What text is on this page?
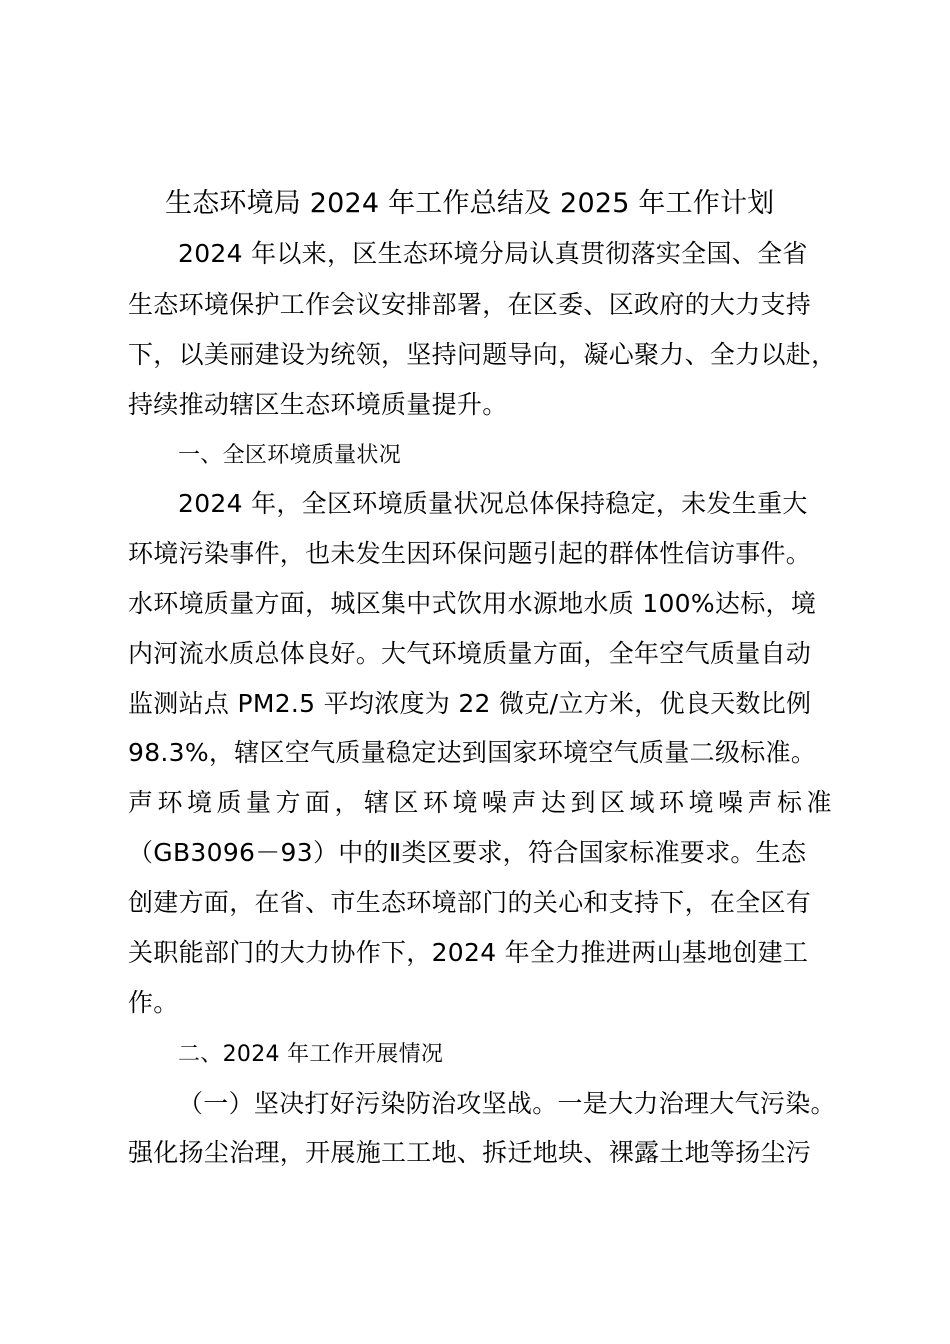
生态环境局 2024 年工作总结及 2025 年工作计划
2024 年以来，区生态环境分局认真贯彻落实全国、全省
生态环境保护工作会议安排部署，在区委、区政府的大力支持
下，以美丽建设为统领，坚持问题导向，凝心聚力、全力以赴，
持续推动辖区生态环境质量提升。
一、全区环境质量状况
2024 年，全区环境质量状况总体保持稳定，未发生重大
环境污染事件，也未发生因环保问题引起的群体性信访事件。
水环境质量方面，城区集中式饮用水源地水质 100%达标，境
内河流水质总体良好。大气环境质量方面，全年空气质量自动
监测站点 PM2.5 平均浓度为 22 微克/立方米，优良天数比例
98.3%，辖区空气质量稳定达到国家环境空气质量二级标准。
声环境质量方面，辖区环境噪声达到区域环境噪声标准
（GB3096－93）中的Ⅱ类区要求，符合国家标准要求。生态
创建方面，在省、市生态环境部门的关心和支持下，在全区有
关职能部门的大力协作下，2024 年全力推进两山基地创建工
作。
二、2024 年工作开展情况
（一）坚决打好污染防治攻坚战。一是大力治理大气污染。
强化扬尘治理，开展施工工地、拆迁地块、裸露土地等扬尘污
